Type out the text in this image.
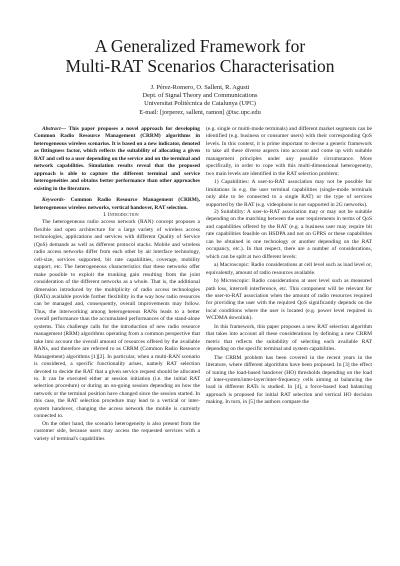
A Generalized Framework for
Multi-RAT Scenarios Characterisation
J. Pérez-Romero, O. Sallent, R. Agusti
Dept. of Signal Theory and Communications
Universitat Politècnica de Catalunya (UPC)
E-mail: [jorperez, sallent, ramon] @tsc.upc.edu

Abstract— This paper proposes a novel approach for developing Common Radio Resource Management (CRRM) algorithms in heterogeneous wireless scenarios. It is based on a new indicator, denoted as fittingness factor, which reflects the suitability of allocating a given RAT and cell to a user depending on the service and on the terminal and network capabilities. Simulation results reveal that the proposed approach is able to capture the different terminal and service heterogeneities and obtains better performance than other approaches existing in the literature.

Keywords- Common Radio Resource Management (CRRM), heterogeneous wireless networks, vertical handover, RAT selection.

I. Introduction

The heterogeneous radio access network (RAN) concept proposes a flexible and open architecture for a large variety of wireless access technologies, applications and services with different Quality of Service (QoS) demands as well as different protocol stacks. Mobile and wireless radio access networks differ from each other by air interface technology, cell-size, services supported, bit rate capabilities, coverage, mobility support, etc. The heterogeneous characteristics that these networks offer make possible to exploit the trunking gain resulting from the joint consideration of the different networks as a whole. That is, the additional dimension introduced by the multiplicity of radio access technologies (RATs) available provide further flexibility in the way how radio resources can be managed and, consequently, overall improvements may follow. Thus, the interworking among heterogeneous RANs leads to a better overall performance than the accumulated performances of the stand-alone systems. This challenge calls for the introduction of new radio resource management (RRM) algorithms operating from a common perspective that take into account the overall amount of resources offered by the available RANs, and therefore are referred to as CRRM (Common Radio Resource Management) algorithms [1][2]. In particular, when a multi-RAN scenario is considered, a specific functionality arises, namely RAT selection devoted to decide the RAT that a given service request should be allocated to. It can be executed either at session initiation (i.e. the initial RAT selection procedure) or during an on-going session depending on how the network or the terminal position have changed since the session started. In this case, the RAT selection procedure may lead to a vertical or inter-system handover, changing the access network the mobile is currently connected to.

On the other hand, the scenario heterogeneity is also present from the customer side, because users may access the requested services with a variety of terminal's capabilities

(e.g. single or multi-mode terminals) and different market segments can be identified (e.g. business or consumer users) with their corresponding QoS levels. In this context, it is prime important to devise a generic framework to take all these diverse aspects into account and come up with suitable management principles under any possible circumstance. More specifically, in order to cope with this multi-dimensional heterogeneity, two main levels are identified in the RAT selection problem:

1) Capabilities: A user-to-RAT association may not be possible for limitations in e.g. the user terminal capabilities (single-mode terminals only able to be connected to a single RAT) or the type of services supported by the RAT (e.g. videophone is not supported in 2G networks).

2) Suitability: A user-to-RAT association may or may not be suitable depending on the matching between the user requirements in terms of QoS and capabilities offered by the RAT (e.g. a business user may require bit rate capabilities feasible on HSDPA and not on GPRS or these capabilities can be obtained in one technology or another depending on the RAT occupancy, etc.). In that respect, there are a number of considerations, which can be split at two different levels:

a) Macroscopic: Radio considerations at cell level such as load level or, equivalently, amount of radio resources available.

b) Microscopic: Radio considerations at user level such as measured path loss, intercell interference, etc. This component will be relevant for the user-to-RAT association when the amount of radio resources required for providing the user with the required QoS significantly depends on the local conditions where the user is located (e.g. power level required in WCDMA downlink).

In this framework, this paper proposes a new RAT selection algorithm that takes into account all these considerations by defining a new CRRM metric that reflects the suitability of selecting each available RAT depending on the specific terminal and system capabilities.

The CRRM problem has been covered in the recent years in the literature, where different algorithms have been proposed. In [3] the effect of tuning the load-based handover (HO) thresholds depending on the load of inter-system/inter-layer/inter-frequency cells aiming at balancing the load in different RATs is studied. In [4], a force-based load balancing approach is proposed for initial RAT selection and vertical HO decision making. In turn, in [5] the authors compare the
